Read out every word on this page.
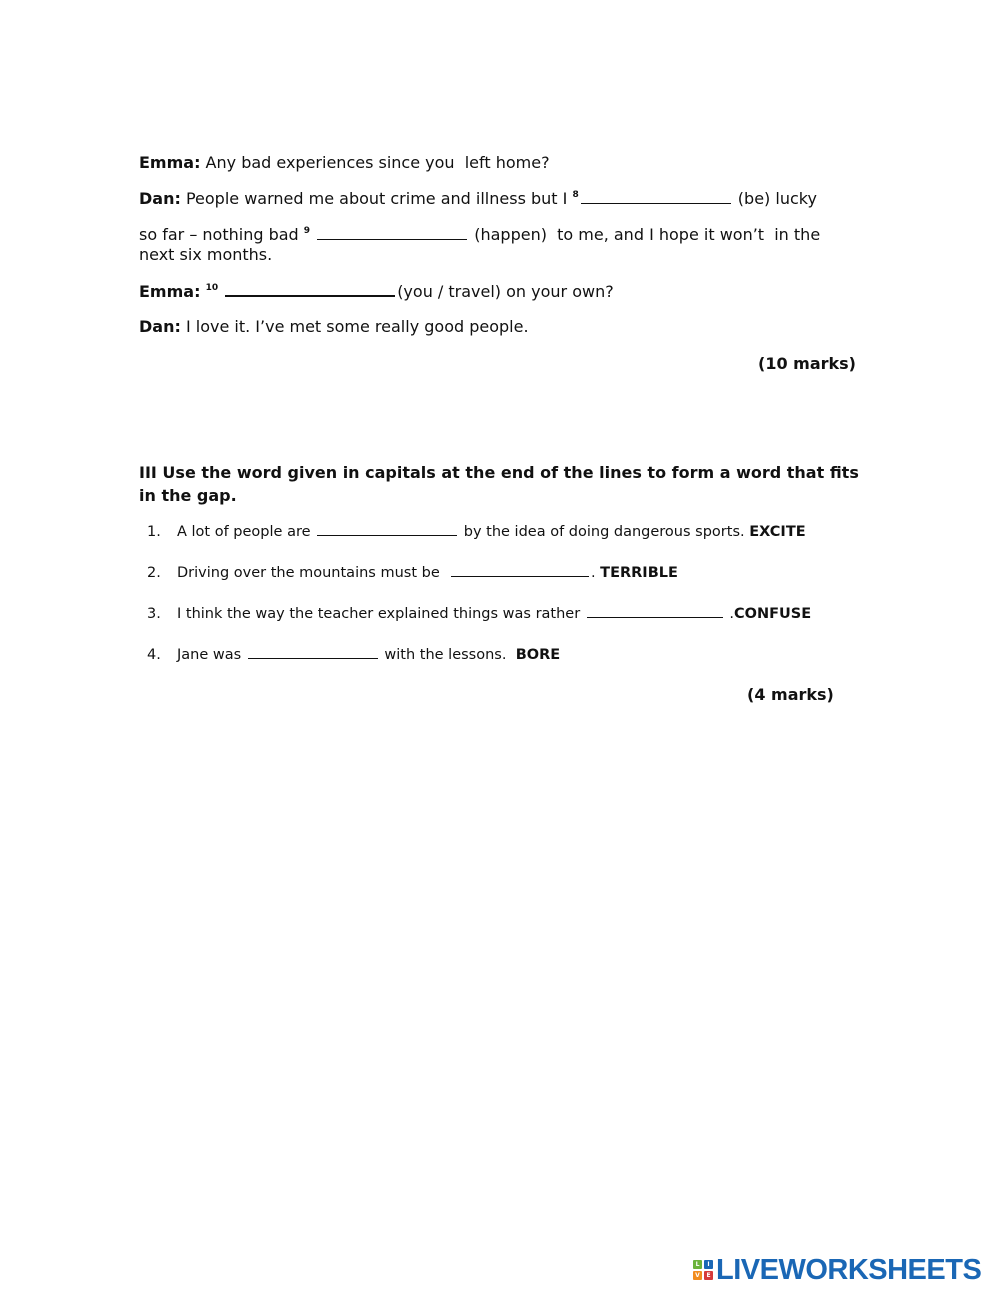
Emma: Any bad experiences since you  left home?
Dan: People warned me about crime and illness but I $^8$	(be) lucky
so far – nothing bad $^9$	(happen)  to me, and I hope it won’t  in the
next six months.
Emma: $^{10}$	(you / travel) on your own?
Dan: I love it. I’ve met some really good people.
(10 marks)
III Use the word given in capitals at the end of the lines to form a word that fits in the gap.
1. A lot of people are	by the idea of doing dangerous sports. EXCITE
2. Driving over the mountains must be	. TERRIBLE
3. I think the way the teacher explained things was rather	.CONFUSE
4. Jane was	with the lessons.  BORE
(4 marks)
L	I
V	E LIVEWORKSHEETS
